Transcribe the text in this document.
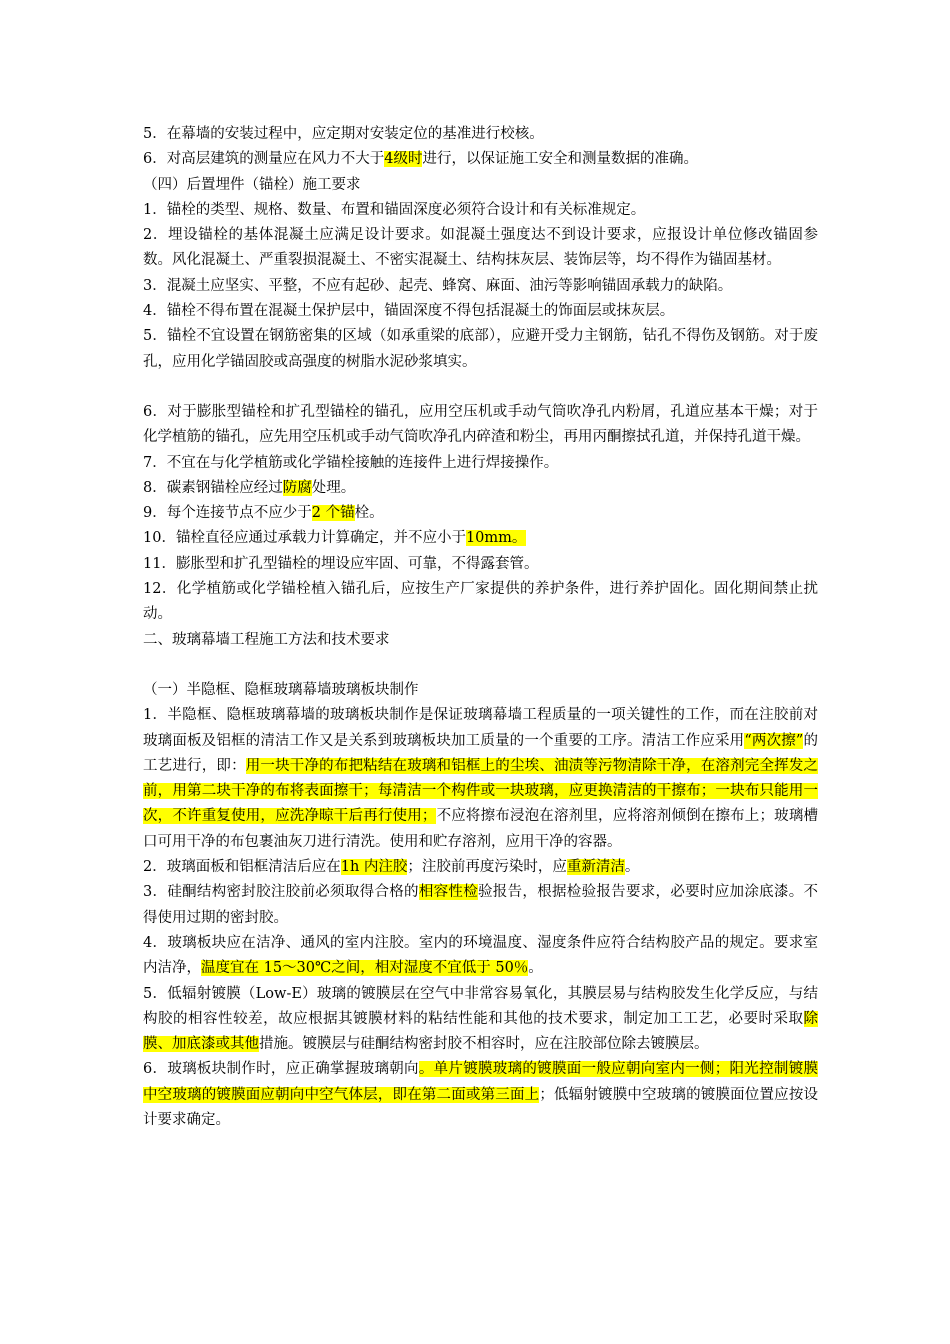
5．在幕墙的安装过程中，应定期对安装定位的基准进行校核。

6．对高层建筑的测量应在风力不大于4级时进行，以保证施工安全和测量数据的准确。

（四）后置埋件（锚栓）施工要求

1．锚栓的类型、规格、数量、布置和锚固深度必须符合设计和有关标准规定。

2．埋设锚栓的基体混凝土应满足设计要求。如混凝土强度达不到设计要求，应报设计单位修改锚固参数。风化混凝土、严重裂损混凝土、不密实混凝土、结构抹灰层、装饰层等，均不得作为锚固基材。

3．混凝土应坚实、平整，不应有起砂、起壳、蜂窝、麻面、油污等影响锚固承载力的缺陷。

4．锚栓不得布置在混凝土保护层中，锚固深度不得包括混凝土的饰面层或抹灰层。

5．锚栓不宜设置在钢筋密集的区域（如承重梁的底部），应避开受力主钢筋，钻孔不得伤及钢筋。对于废孔，应用化学锚固胶或高强度的树脂水泥砂浆填实。

6．对于膨胀型锚栓和扩孔型锚栓的锚孔，应用空压机或手动气筒吹净孔内粉屑，孔道应基本干燥；对于化学植筋的锚孔，应先用空压机或手动气筒吹净孔内碎渣和粉尘，再用丙酮擦拭孔道，并保持孔道干燥。

7．不宜在与化学植筋或化学锚栓接触的连接件上进行焊接操作。

8．碳素钢锚栓应经过防腐处理。

9．每个连接节点不应少于2 个锚栓。

10．锚栓直径应通过承载力计算确定，并不应小于10mm。

11．膨胀型和扩孔型锚栓的埋设应牢固、可靠，不得露套管。

12．化学植筋或化学锚栓植入锚孔后，应按生产厂家提供的养护条件，进行养护固化。固化期间禁止扰动。

二、玻璃幕墙工程施工方法和技术要求

（一）半隐框、隐框玻璃幕墙玻璃板块制作

1．半隐框、隐框玻璃幕墙的玻璃板块制作是保证玻璃幕墙工程质量的一项关键性的工作，而在注胶前对玻璃面板及铝框的清洁工作又是关系到玻璃板块加工质量的一个重要的工序。清洁工作应采用“两次擦”的工艺进行，即：用一块干净的布把粘结在玻璃和铝框上的尘埃、油渍等污物清除干净，在溶剂完全挥发之前，用第二块干净的布将表面擦干；每清洁一个构件或一块玻璃，应更换清洁的干擦布；一块布只能用一次，不许重复使用，应洗净晾干后再行使用；不应将擦布浸泡在溶剂里，应将溶剂倾倒在擦布上；玻璃槽口可用干净的布包裹油灰刀进行清洗。使用和贮存溶剂，应用干净的容器。

2．玻璃面板和铝框清洁后应在1h 内注胶；注胶前再度污染时，应重新清洁。

3．硅酮结构密封胶注胶前必须取得合格的相容性检验报告，根据检验报告要求，必要时应加涂底漆。不得使用过期的密封胶。

4．玻璃板块应在洁净、通风的室内注胶。室内的环境温度、湿度条件应符合结构胶产品的规定。要求室内洁净，温度宜在 15～30℃之间，相对湿度不宜低于 50％。

5．低辐射镀膜（Low-E）玻璃的镀膜层在空气中非常容易氧化，其膜层易与结构胶发生化学反应，与结构胶的相容性较差，故应根据其镀膜材料的粘结性能和其他的技术要求，制定加工工艺，必要时采取除膜、加底漆或其他措施。镀膜层与硅酮结构密封胶不相容时，应在注胶部位除去镀膜层。

6．玻璃板块制作时，应正确掌握玻璃朝向。单片镀膜玻璃的镀膜面一般应朝向室内一侧；阳光控制镀膜中空玻璃的镀膜面应朝向中空气体层，即在第二面或第三面上；低辐射镀膜中空玻璃的镀膜面位置应按设计要求确定。
